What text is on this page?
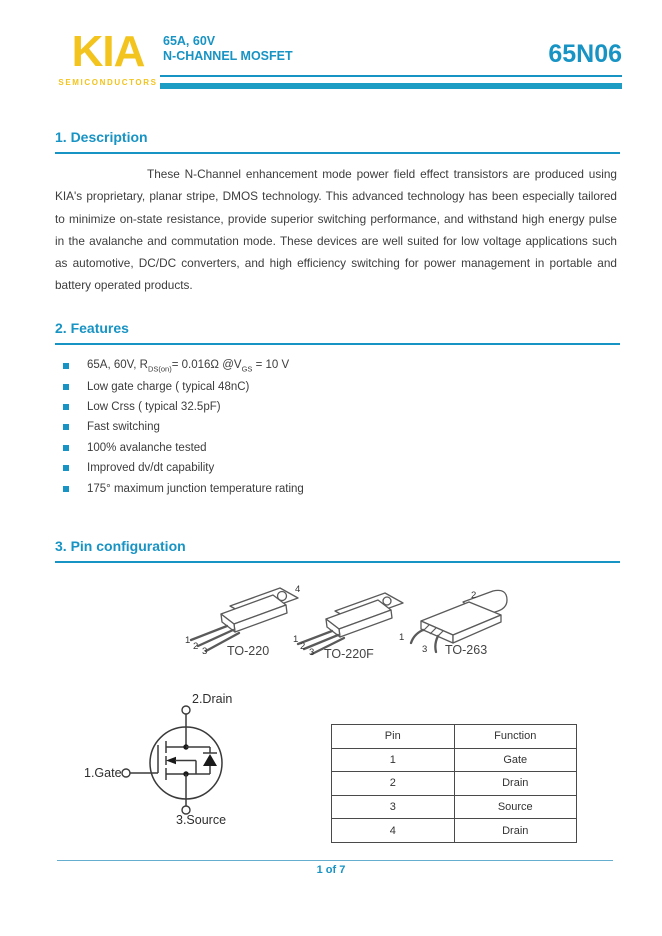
KIA
SEMICONDUCTORS
65A, 60V
N-CHANNEL MOSFET	65N06
1. Description

These N-Channel enhancement mode power field effect transistors are produced using KIA's proprietary, planar stripe, DMOS technology. This advanced technology has been especially tailored to minimize on-state resistance, provide superior switching performance, and withstand high energy pulse in the avalanche and commutation mode. These devices are well suited for low voltage applications such as automotive, DC/DC converters, and high efficiency switching for power management in portable and battery operated products.

2. Features
65A, 60V, $R_{DS(on)}= 0.016\Omega$ $@V_{GS} = 10$ V
Low gate charge ( typical 48nC)
Low Crss ( typical 32.5pF)
Fast switching
100% avalanche tested
Improved dv/dt capability
175° maximum junction temperature rating
3. Pin configuration
1
2 3
4
TO-220
1
2
3 TO-220F
1
3
2
TO-263
2.Drain
1.Gate
3.Source
Pin	Function
1	Gate
2	Drain
3	Source
4	Drain
1 of 7
